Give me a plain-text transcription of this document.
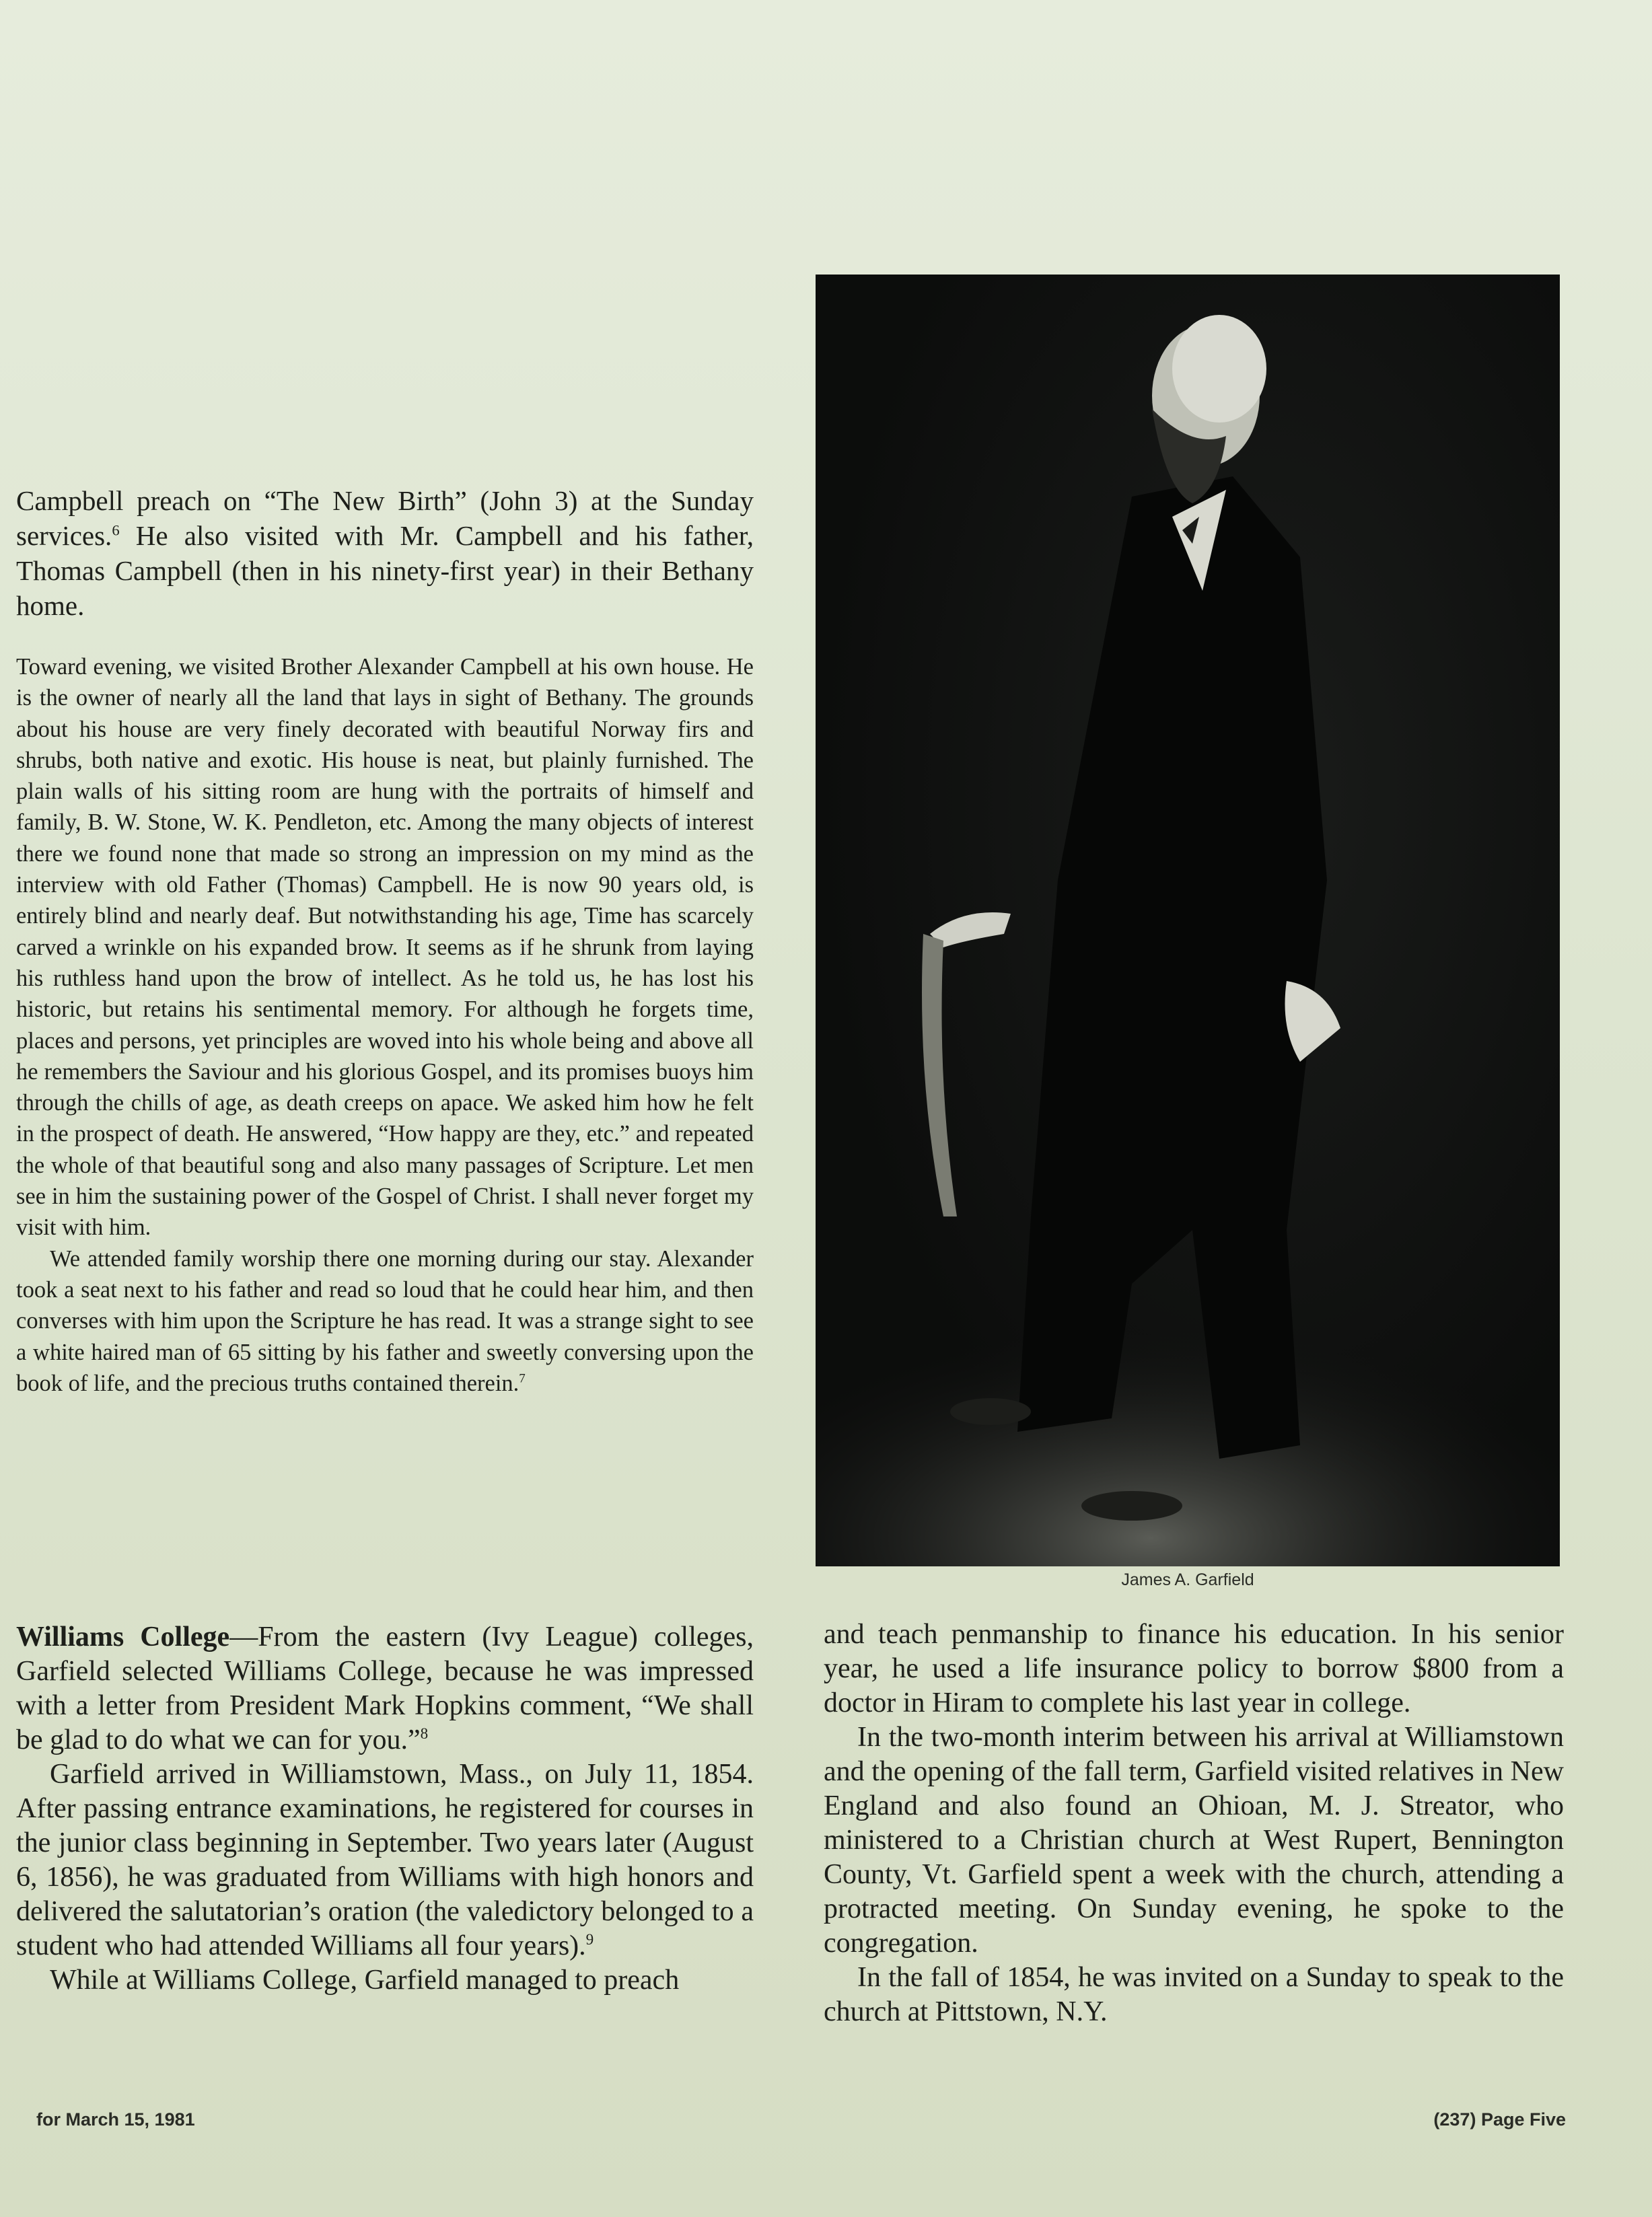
Campbell preach on “The New Birth” (John 3) at the Sunday services.$^6$ He also visited with Mr. Campbell and his father, Thomas Campbell (then in his ninety-first year) in their Bethany home.

Toward evening, we visited Brother Alexander Campbell at his own house. He is the owner of nearly all the land that lays in sight of Bethany. The grounds about his house are very finely decorated with beautiful Norway firs and shrubs, both native and exotic. His house is neat, but plainly furnished. The plain walls of his sitting room are hung with the portraits of himself and family, B. W. Stone, W. K. Pendleton, etc. Among the many objects of interest there we found none that made so strong an impression on my mind as the interview with old Father (Thomas) Campbell. He is now 90 years old, is entirely blind and nearly deaf. But notwithstanding his age, Time has scarcely carved a wrinkle on his expanded brow. It seems as if he shrunk from laying his ruthless hand upon the brow of intellect. As he told us, he has lost his historic, but retains his sentimental memory. For although he forgets time, places and persons, yet principles are woved into his whole being and above all he remembers the Saviour and his glorious Gospel, and its promises buoys him through the chills of age, as death creeps on apace. We asked him how he felt in the prospect of death. He answered, “How happy are they, etc.” and repeated the whole of that beautiful song and also many passages of Scripture. Let men see in him the sustaining power of the Gospel of Christ. I shall never forget my visit with him.

We attended family worship there one morning during our stay. Alexander took a seat next to his father and read so loud that he could hear him, and then converses with him upon the Scripture he has read. It was a strange sight to see a white haired man of 65 sitting by his father and sweetly conversing upon the book of life, and the precious truths contained therein.$^7$

Williams College—From the eastern (Ivy League) colleges, Garfield selected Williams College, because he was impressed with a letter from President Mark Hopkins comment, “We shall be glad to do what we can for you.”$^8$

Garfield arrived in Williamstown, Mass., on July 11, 1854. After passing entrance examinations, he registered for courses in the junior class beginning in September. Two years later (August 6, 1856), he was graduated from Williams with high honors and delivered the salutatorian’s oration (the valedictory belonged to a student who had attended Williams all four years).$^9$

While at Williams College, Garfield managed to preach

James A. Garfield

and teach penmanship to finance his education. In his senior year, he used a life insurance policy to borrow $800 from a doctor in Hiram to complete his last year in college.

In the two-month interim between his arrival at Williamstown and the opening of the fall term, Garfield visited relatives in New England and also found an Ohioan, M. J. Streator, who ministered to a Christian church at West Rupert, Bennington County, Vt. Garfield spent a week with the church, attending a protracted meeting. On Sunday evening, he spoke to the congregation.

In the fall of 1854, he was invited on a Sunday to speak to the church at Pittstown, N.Y.

for March 15, 1981	(237) Page Five
